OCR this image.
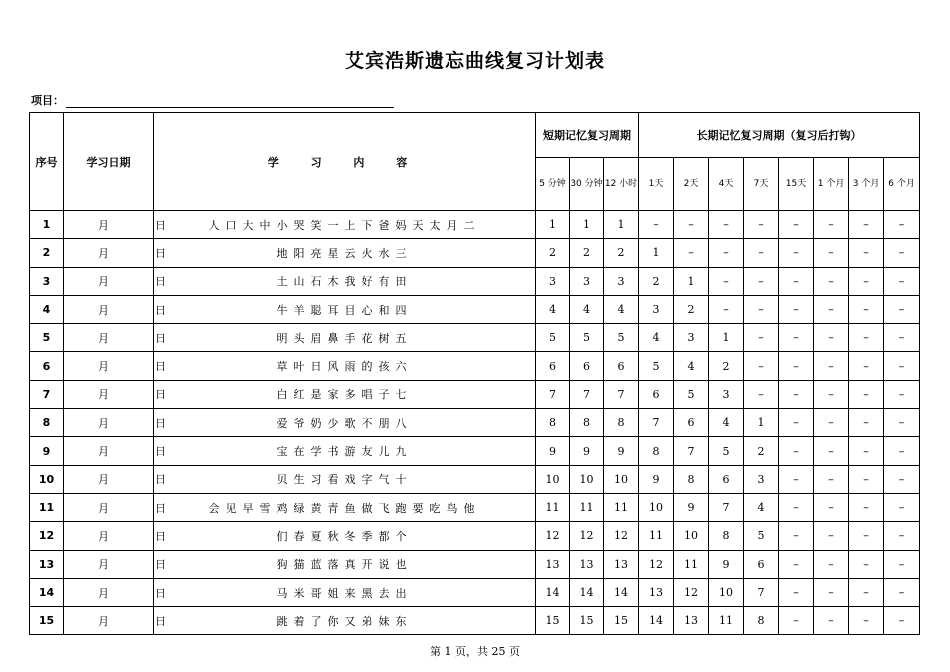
艾宾浩斯遗忘曲线复习计划表
项目：
序号	学习日期	学 习 内 容	短期记忆复习周期			长期记忆复习周期（复习后打钩）							
			5 分钟	30 分钟	12 小时	1天	2天	4天	7天	15天	1 个月	3 个月	6 个月
1	月 日	人口大中小哭笑一上下爸妈天太月二	1	1	1	–	–	–	–	–	–	–	–
2	月 日	地阳亮星云火水三	2	2	2	1	–	–	–	–	–	–	–
3	月 日	土山石木我好有田	3	3	3	2	1	–	–	–	–	–	–
4	月 日	牛羊聪耳目心和四	4	4	4	3	2	–	–	–	–	–	–
5	月 日	明头眉鼻手花树五	5	5	5	4	3	1	–	–	–	–	–
6	月 日	草叶日风雨的孩六	6	6	6	5	4	2	–	–	–	–	–
7	月 日	白红是家多唱子七	7	7	7	6	5	3	–	–	–	–	–
8	月 日	爱爷奶少歌不朋八	8	8	8	7	6	4	1	–	–	–	–
9	月 日	宝在学书游友儿九	9	9	9	8	7	5	2	–	–	–	–
10	月 日	贝生习看戏字气十	10	10	10	9	8	6	3	–	–	–	–
11	月 日	会见早雪鸡绿黄青鱼做飞跑要吃鸟他	11	11	11	10	9	7	4	–	–	–	–
12	月 日	们春夏秋冬季都个	12	12	12	11	10	8	5	–	–	–	–
13	月 日	狗猫蓝落真开说也	13	13	13	12	11	9	6	–	–	–	–
14	月 日	马米哥姐来黑去出	14	14	14	13	12	10	7	–	–	–	–
15	月 日	跳着了你又弟妹东	15	15	15	14	13	11	8	–	–	–	–
第 1 页，共 25 页
